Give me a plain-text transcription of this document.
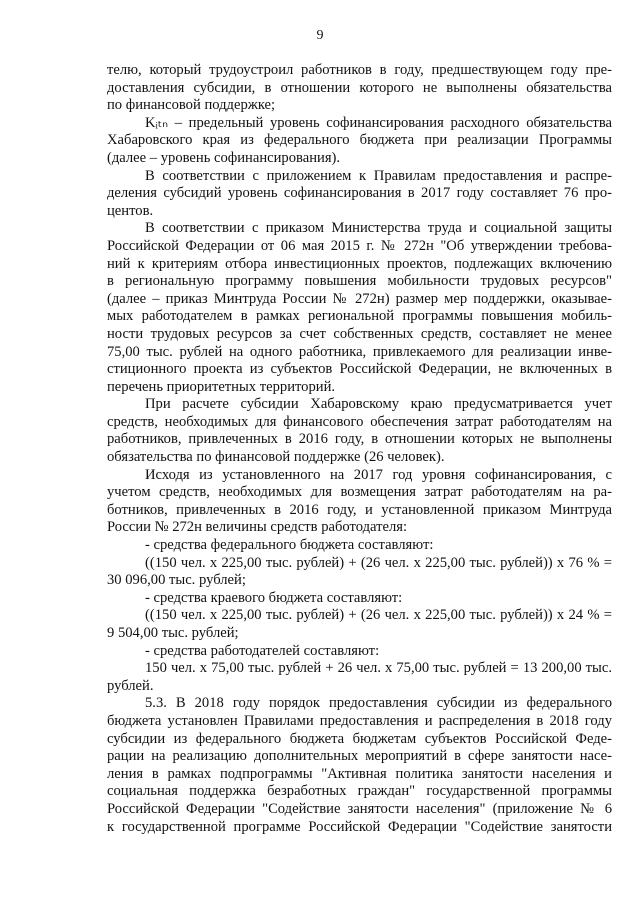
9
телю, который трудоустроил работников в году, предшествующем году пре-
доставления субсидии, в отношении которого не выполнены обязательства
по финансовой поддержке;
Kᵢₜₙ – предельный уровень софинансирования расходного обязательства
Хабаровского края из федерального бюджета при реализации Программы
(далее – уровень софинансирования).
В соответствии с приложением к Правилам предоставления и распре-
деления субсидий уровень софинансирования в 2017 году составляет 76 про-
центов.
В соответствии с приказом Министерства труда и социальной защиты
Российской Федерации от 06 мая 2015 г. № 272н "Об утверждении требова-
ний к критериям отбора инвестиционных проектов, подлежащих включению
в региональную программу повышения мобильности трудовых ресурсов"
(далее – приказ Минтруда России № 272н) размер мер поддержки, оказывае-
мых работодателем в рамках региональной программы повышения мобиль-
ности трудовых ресурсов за счет собственных средств, составляет не менее
75,00 тыс. рублей на одного работника, привлекаемого для реализации инве-
стиционного проекта из субъектов Российской Федерации, не включенных в
перечень приоритетных территорий.
При расчете субсидии Хабаровскому краю предусматривается учет
средств, необходимых для финансового обеспечения затрат работодателям на
работников, привлеченных в 2016 году, в отношении которых не выполнены
обязательства по финансовой поддержке (26 человек).
Исходя из установленного на 2017 год уровня софинансирования, с
учетом средств, необходимых для возмещения затрат работодателям на ра-
ботников, привлеченных в 2016 году, и установленной приказом Минтруда
России № 272н величины средств работодателя:
- средства федерального бюджета составляют:
((150 чел. x 225,00 тыс. рублей) + (26 чел. x 225,00 тыс. рублей)) x 76 % =
30 096,00 тыс. рублей;
- средства краевого бюджета составляют:
((150 чел. x 225,00 тыс. рублей) + (26 чел. x 225,00 тыс. рублей)) x 24 % =
9 504,00 тыс. рублей;
- средства работодателей составляют:
150 чел. x 75,00 тыс. рублей + 26 чел. x 75,00 тыс. рублей = 13 200,00 тыс.
рублей.
5.3. В 2018 году порядок предоставления субсидии из федерального
бюджета установлен Правилами предоставления и распределения в 2018 году
субсидии из федерального бюджета бюджетам субъектов Российской Феде-
рации на реализацию дополнительных мероприятий в сфере занятости насе-
ления в рамках подпрограммы "Активная политика занятости населения и
социальная поддержка безработных граждан" государственной программы
Российской Федерации "Содействие занятости населения" (приложение № 6
к государственной программе Российской Федерации "Содействие занятости
